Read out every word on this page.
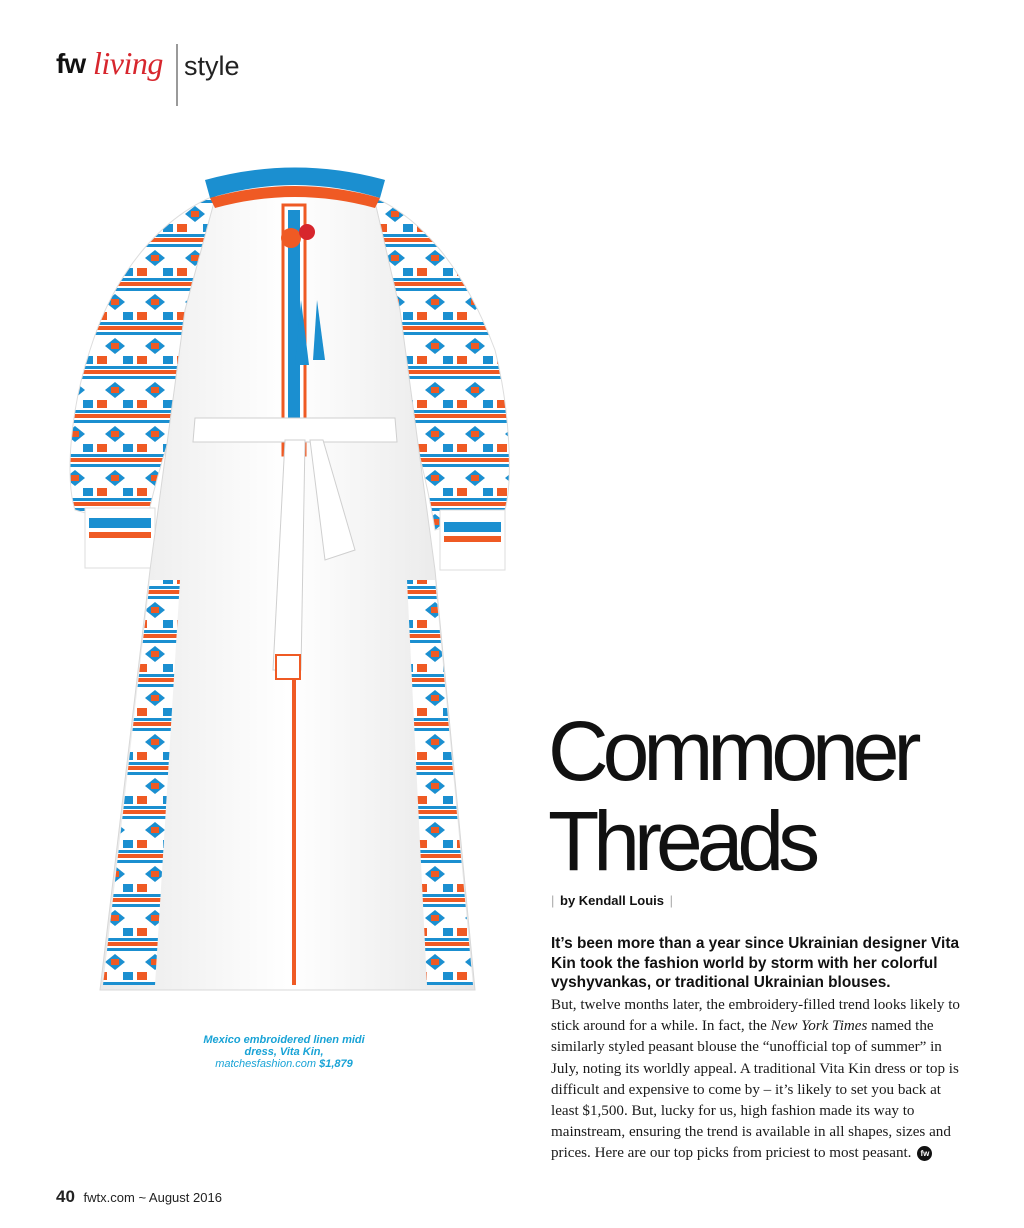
fw living style
Mexico embroidered linen midi dress, Vita Kin,
matchesfashion.com $1,879
Commoner
Threads
| by Kendall Louis |
It’s been more than a year since Ukrainian designer Vita Kin took the fashion world by storm with her colorful vyshyvankas, or traditional Ukrainian blouses.
But, twelve months later, the embroidery-filled trend looks likely to stick around for a while. In fact, the New York Times named the similarly styled peasant blouse the “unofficial top of summer” in July, noting its worldly appeal. A traditional Vita Kin dress or top is difficult and expensive to come by – it’s likely to set you back at least $1,500. But, lucky for us, high fashion made its way to mainstream, ensuring the trend is available in all shapes, sizes and prices. Here are our top picks from priciest to most peasant. fw
40 fwtx.com ~ August 2016
